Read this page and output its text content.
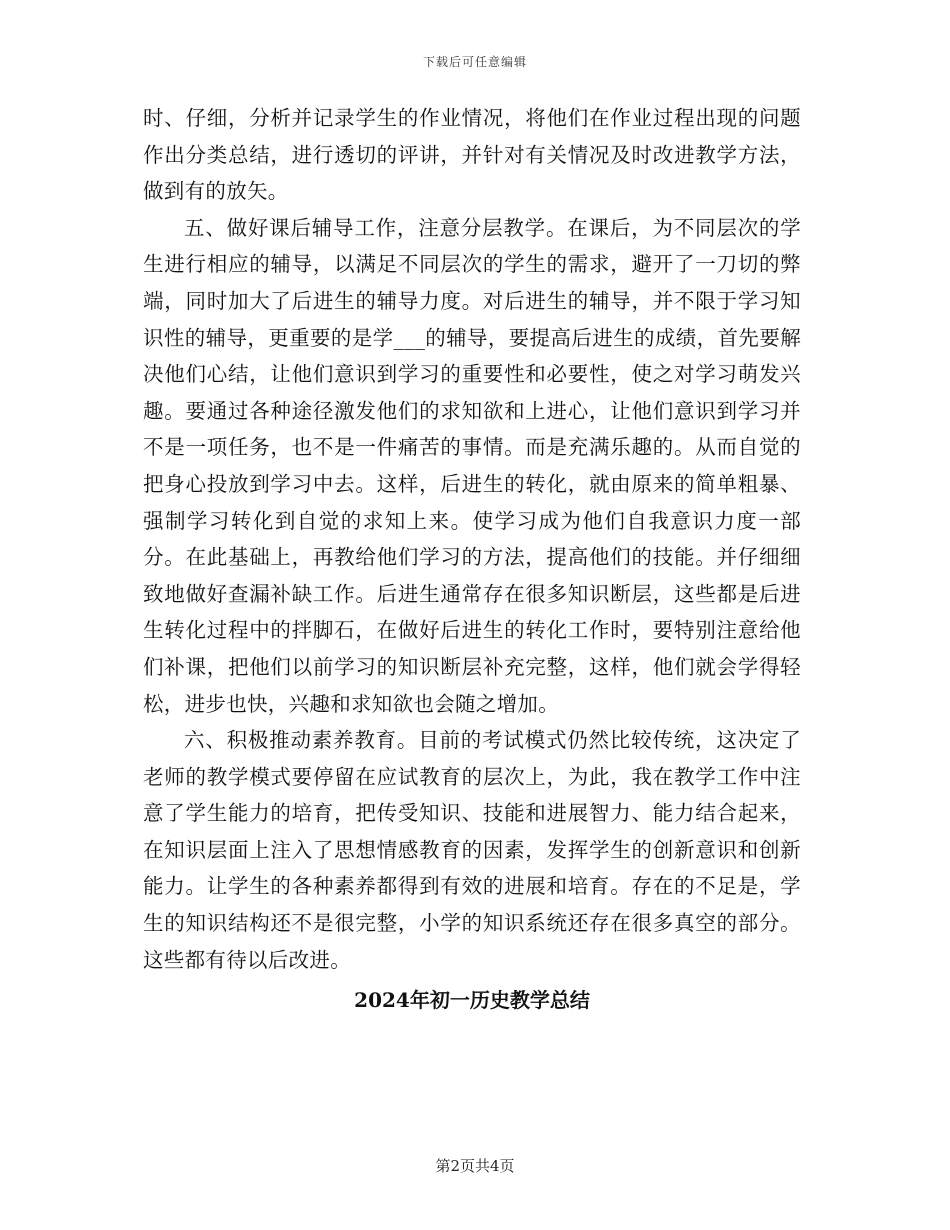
下载后可任意编辑

时、仔细，分析并记录学生的作业情况，将他们在作业过程出现的问题作出分类总结，进行透切的评讲，并针对有关情况及时改进教学方法，做到有的放矢。

五、做好课后辅导工作，注意分层教学。在课后，为不同层次的学生进行相应的辅导，以满足不同层次的学生的需求，避开了一刀切的弊端，同时加大了后进生的辅导力度。对后进生的辅导，并不限于学习知识性的辅导，更重要的是学___的辅导，要提高后进生的成绩，首先要解决他们心结，让他们意识到学习的重要性和必要性，使之对学习萌发兴趣。要通过各种途径激发他们的求知欲和上进心，让他们意识到学习并不是一项任务，也不是一件痛苦的事情。而是充满乐趣的。从而自觉的把身心投放到学习中去。这样，后进生的转化，就由原来的简单粗暴、强制学习转化到自觉的求知上来。使学习成为他们自我意识力度一部分。在此基础上，再教给他们学习的方法，提高他们的技能。并仔细细致地做好查漏补缺工作。后进生通常存在很多知识断层，这些都是后进生转化过程中的拌脚石，在做好后进生的转化工作时，要特别注意给他们补课，把他们以前学习的知识断层补充完整，这样，他们就会学得轻松，进步也快，兴趣和求知欲也会随之增加。

六、积极推动素养教育。目前的考试模式仍然比较传统，这决定了老师的教学模式要停留在应试教育的层次上，为此，我在教学工作中注意了学生能力的培育，把传受知识、技能和进展智力、能力结合起来，在知识层面上注入了思想情感教育的因素，发挥学生的创新意识和创新能力。让学生的各种素养都得到有效的进展和培育。存在的不足是，学生的知识结构还不是很完整，小学的知识系统还存在很多真空的部分。这些都有待以后改进。

2024年初一历史教学总结
第2页共4页
